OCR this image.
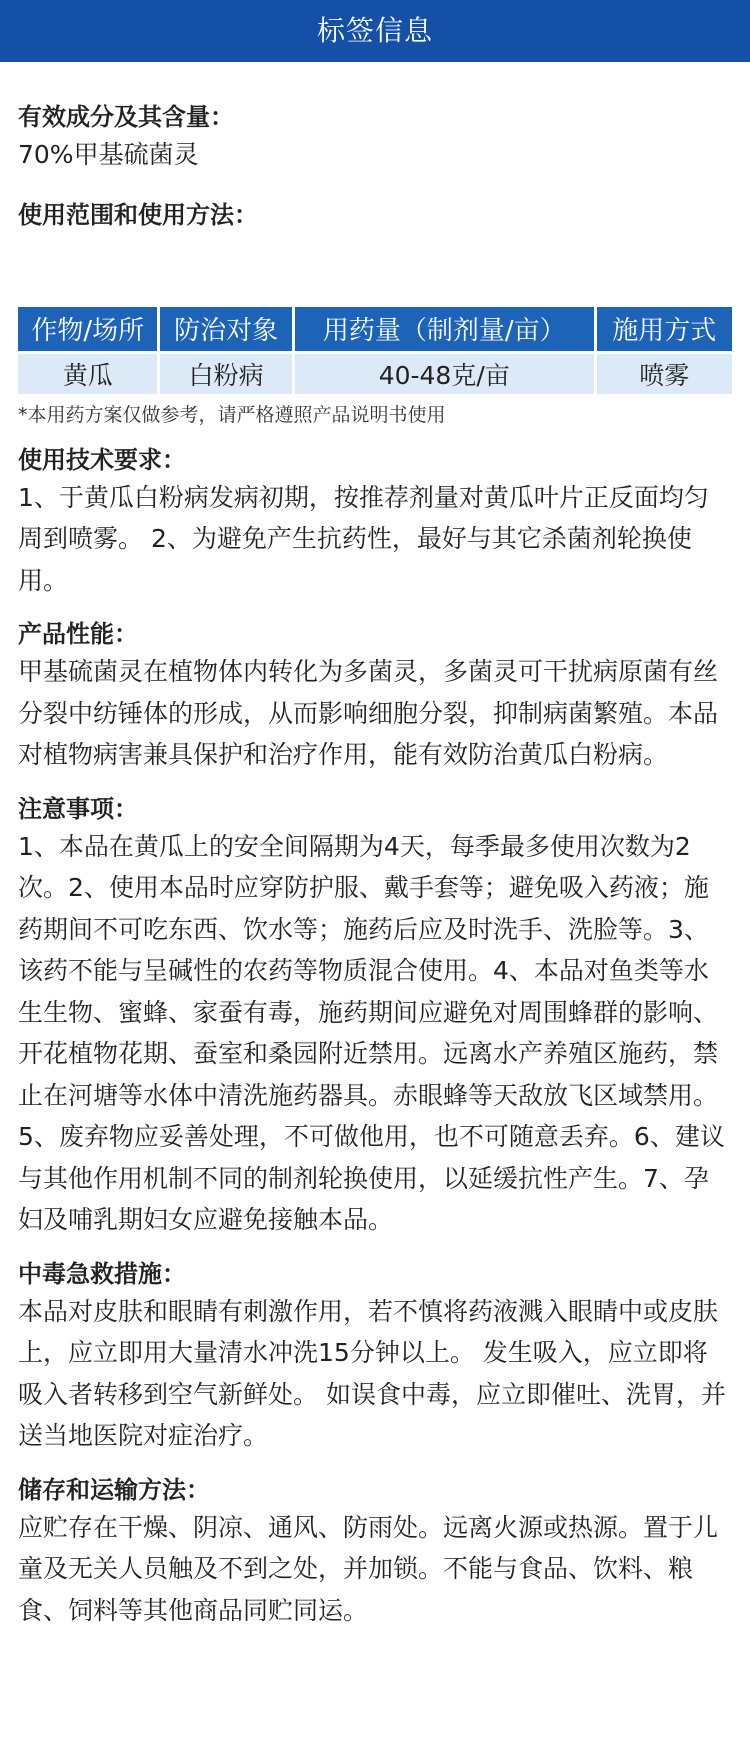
标签信息

有效成分及其含量：

70%甲基硫菌灵

使用范围和使用方法：

作物/场所	防治对象	用药量（制剂量/亩）	施用方式
黄瓜	白粉病	40-48克/亩	喷雾

*本用药方案仅做参考，请严格遵照产品说明书使用

使用技术要求：

1、于黄瓜白粉病发病初期，按推荐剂量对黄瓜叶片正反面均匀周到喷雾。 2、为避免产生抗药性，最好与其它杀菌剂轮换使用。

产品性能：

甲基硫菌灵在植物体内转化为多菌灵，多菌灵可干扰病原菌有丝分裂中纺锤体的形成，从而影响细胞分裂，抑制病菌繁殖。本品对植物病害兼具保护和治疗作用，能有效防治黄瓜白粉病。

注意事项：

1、本品在黄瓜上的安全间隔期为4天，每季最多使用次数为2次。2、使用本品时应穿防护服、戴手套等；避免吸入药液；施药期间不可吃东西、饮水等；施药后应及时洗手、洗脸等。3、该药不能与呈碱性的农药等物质混合使用。4、本品对鱼类等水生生物、蜜蜂、家蚕有毒，施药期间应避免对周围蜂群的影响、开花植物花期、蚕室和桑园附近禁用。远离水产养殖区施药，禁止在河塘等水体中清洗施药器具。赤眼蜂等天敌放飞区域禁用。5、废弃物应妥善处理，不可做他用，也不可随意丢弃。6、建议与其他作用机制不同的制剂轮换使用，以延缓抗性产生。7、孕妇及哺乳期妇女应避免接触本品。

中毒急救措施：

本品对皮肤和眼睛有刺激作用，若不慎将药液溅入眼睛中或皮肤上，应立即用大量清水冲洗15分钟以上。 发生吸入，应立即将吸入者转移到空气新鲜处。 如误食中毒，应立即催吐、洗胃，并送当地医院对症治疗。

储存和运输方法：

应贮存在干燥、阴凉、通风、防雨处。远离火源或热源。置于儿童及无关人员触及不到之处，并加锁。不能与食品、饮料、粮食、饲料等其他商品同贮同运。
